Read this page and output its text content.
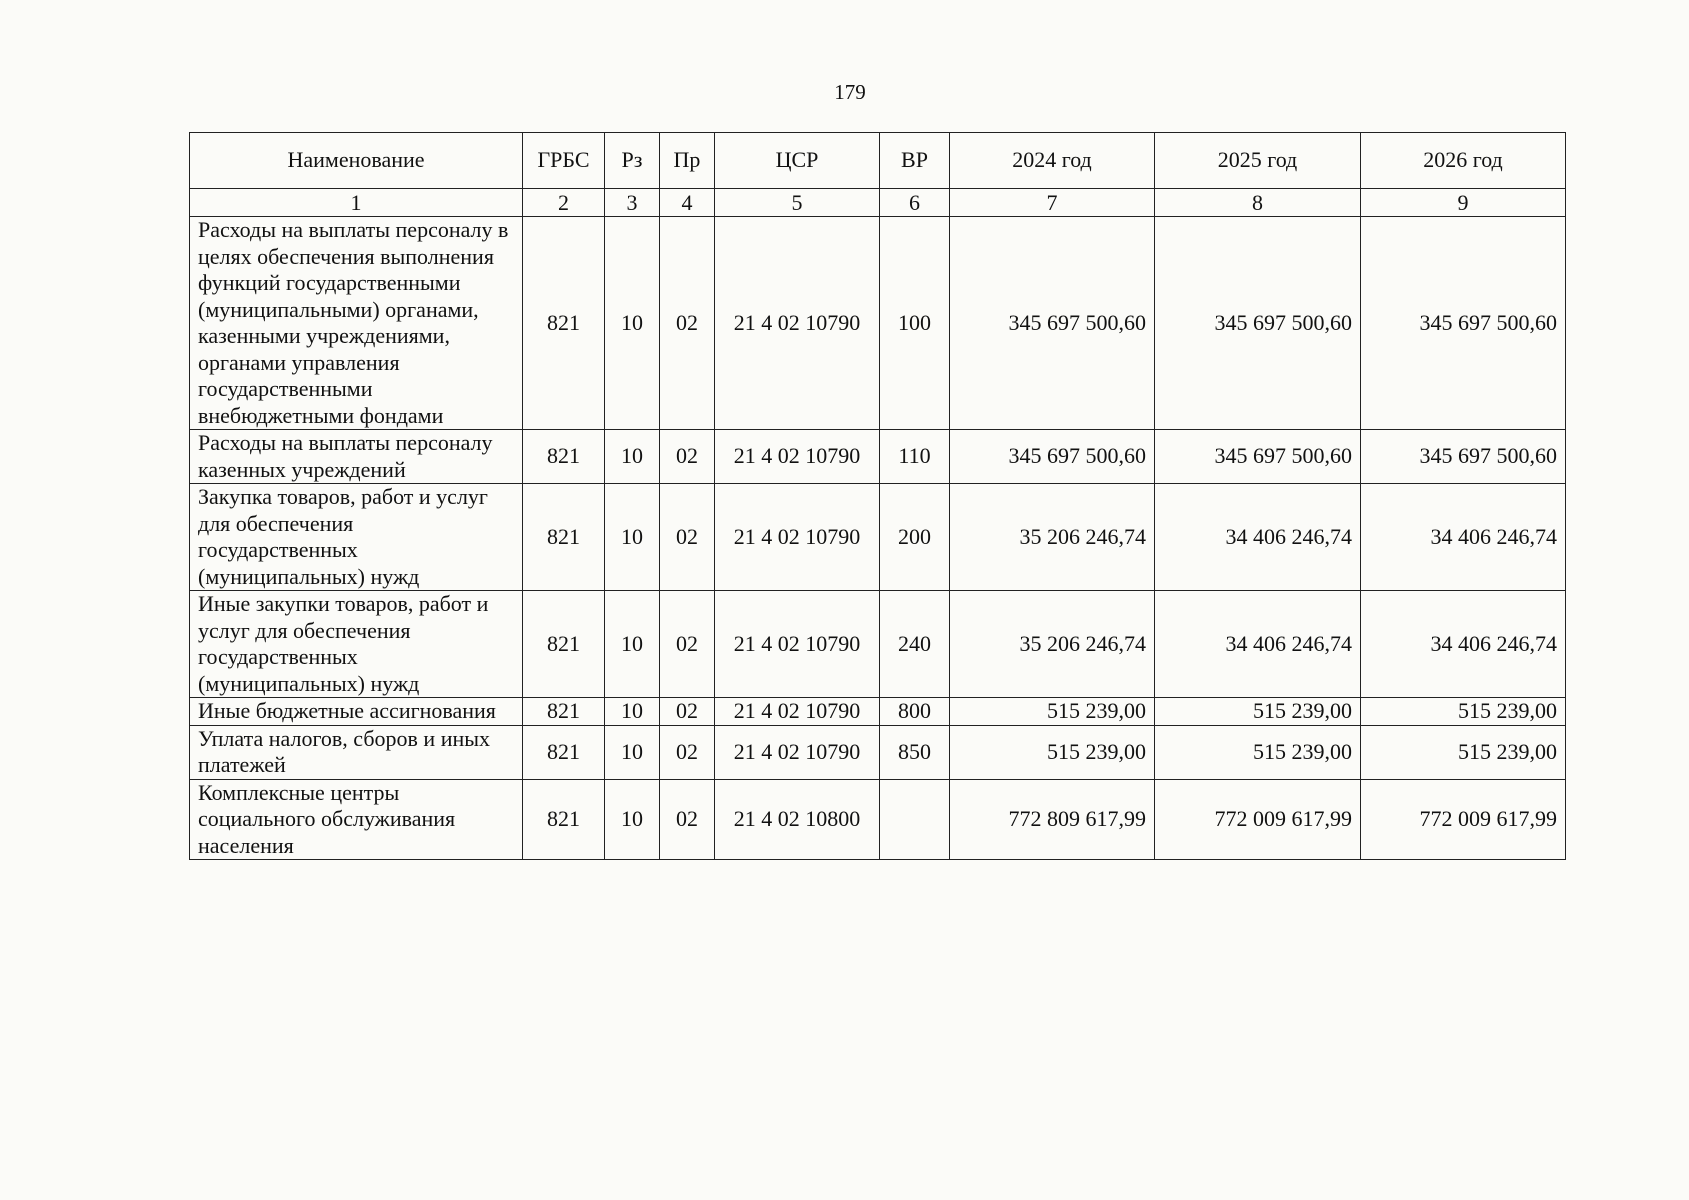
179
Наименование	ГРБС	Рз	Пр	ЦСР	ВР	2024 год	2025 год	2026 год
1	2	3	4	5	6	7	8	9
Расходы на выплаты персоналу в целях обеспечения выполнения функций государственными (муниципальными) органами, казенными учреждениями, органами управления государственными внебюджетными фондами	821	10	02	21 4 02 10790	100	345 697 500,60	345 697 500,60	345 697 500,60
Расходы на выплаты персоналу казенных учреждений	821	10	02	21 4 02 10790	110	345 697 500,60	345 697 500,60	345 697 500,60
Закупка товаров, работ и услуг для обеспечения государственных (муниципальных) нужд	821	10	02	21 4 02 10790	200	35 206 246,74	34 406 246,74	34 406 246,74
Иные закупки товаров, работ и услуг для обеспечения государственных (муниципальных) нужд	821	10	02	21 4 02 10790	240	35 206 246,74	34 406 246,74	34 406 246,74
Иные бюджетные ассигнования	821	10	02	21 4 02 10790	800	515 239,00	515 239,00	515 239,00
Уплата налогов, сборов и иных платежей	821	10	02	21 4 02 10790	850	515 239,00	515 239,00	515 239,00
Комплексные центры социального обслуживания населения	821	10	02	21 4 02 10800		772 809 617,99	772 009 617,99	772 009 617,99
